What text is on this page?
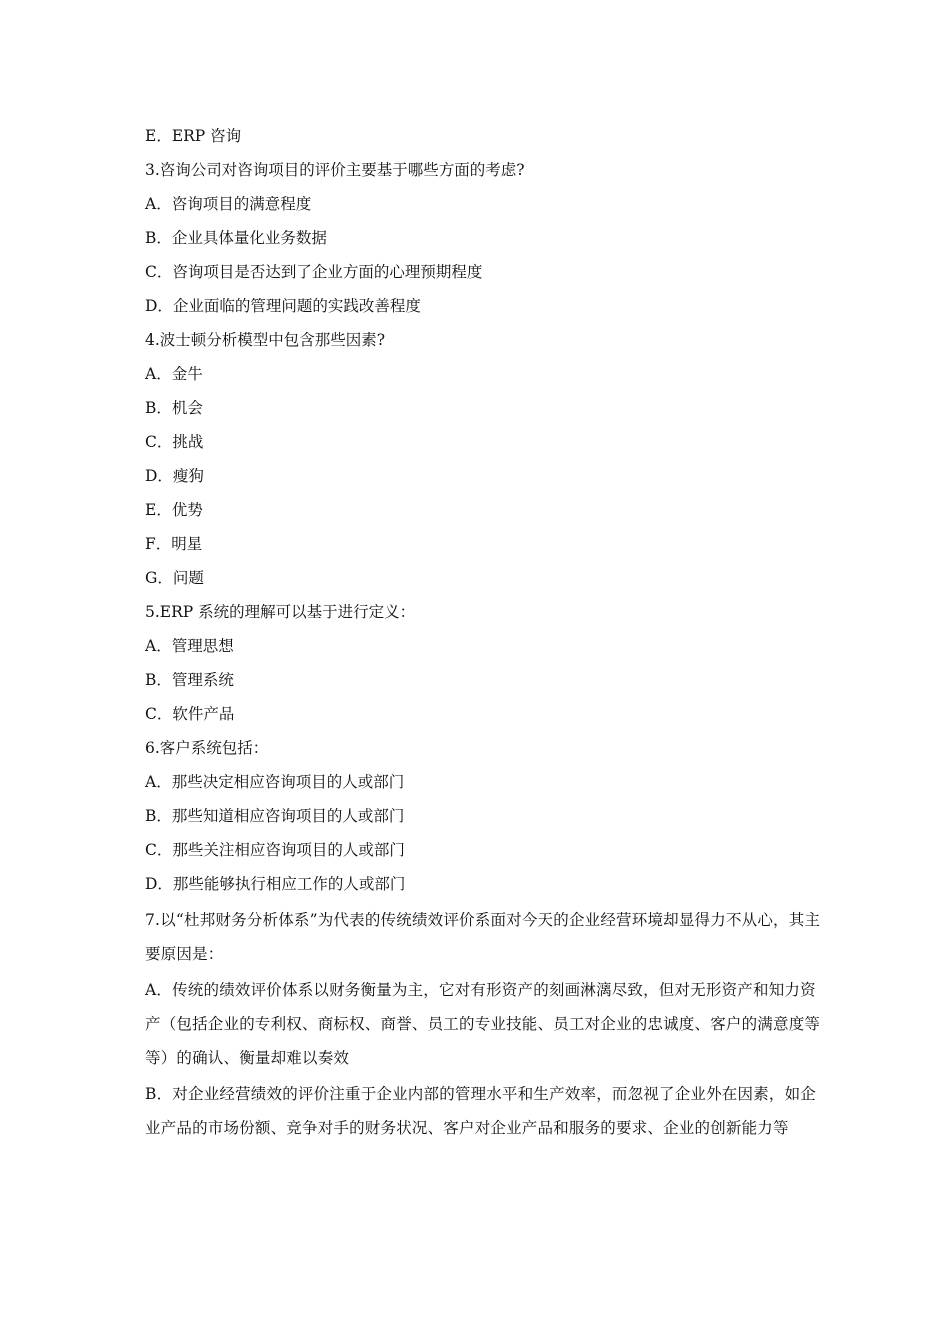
E．ERP 咨询
3.咨询公司对咨询项目的评价主要基于哪些方面的考虑?
A．咨询项目的满意程度
B．企业具体量化业务数据
C．咨询项目是否达到了企业方面的心理预期程度
D．企业面临的管理问题的实践改善程度
4.波士顿分析模型中包含那些因素?
A．金牛
B．机会
C．挑战
D．瘦狗
E．优势
F．明星
G．问题
5.ERP 系统的理解可以基于进行定义：
A．管理思想
B．管理系统
C．软件产品
6.客户系统包括：
A．那些决定相应咨询项目的人或部门
B．那些知道相应咨询项目的人或部门
C．那些关注相应咨询项目的人或部门
D．那些能够执行相应工作的人或部门
7.以“杜邦财务分析体系”为代表的传统绩效评价系面对今天的企业经营环境却显得力不从心，其主要原因是：
A．传统的绩效评价体系以财务衡量为主，它对有形资产的刻画淋漓尽致，但对无形资产和知力资产（包括企业的专利权、商标权、商誉、员工的专业技能、员工对企业的忠诚度、客户的满意度等等）的确认、衡量却难以奏效
B．对企业经营绩效的评价注重于企业内部的管理水平和生产效率，而忽视了企业外在因素，如企业产品的市场份额、竞争对手的财务状况、客户对企业产品和服务的要求、企业的创新能力等
